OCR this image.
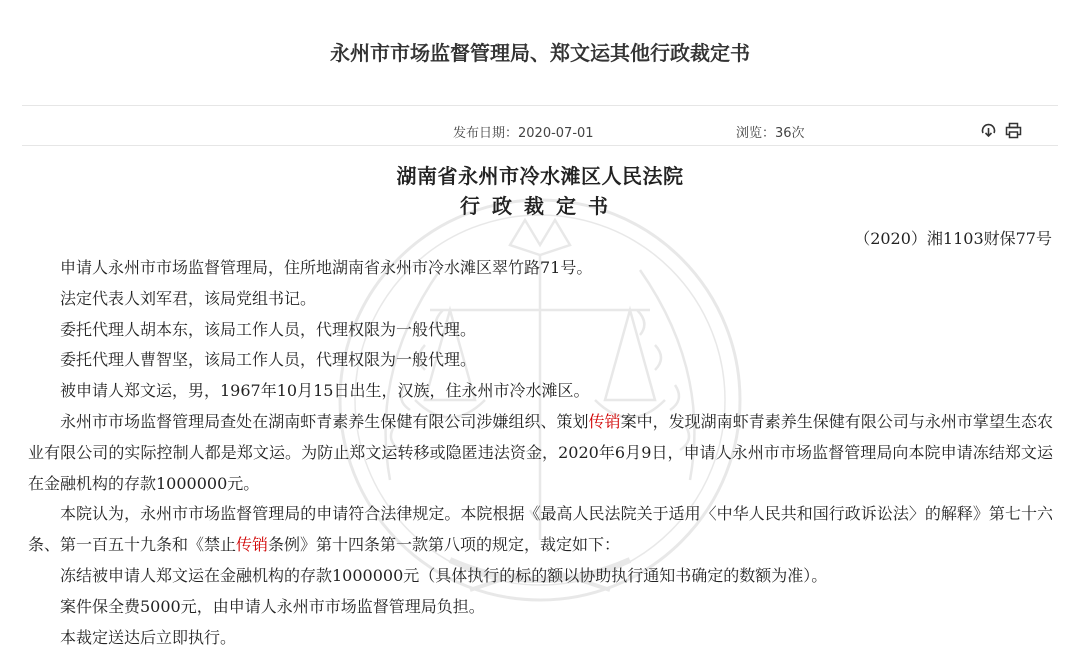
永州市市场监督管理局、郑文运其他行政裁定书
发布日期：2020-07-01	浏览：36次
湖南省永州市冷水滩区人民法院
行政裁定书
（2020）湘1103财保77号

申请人永州市市场监督管理局，住所地湖南省永州市冷水滩区翠竹路71号。

法定代表人刘军君，该局党组书记。

委托代理人胡本东，该局工作人员，代理权限为一般代理。

委托代理人曹智坚，该局工作人员，代理权限为一般代理。

被申请人郑文运，男，1967年10月15日出生，汉族，住永州市冷水滩区。

永州市市场监督管理局查处在湖南虾青素养生保健有限公司涉嫌组织、策划传销案中，发现湖南虾青素养生保健有限公司与永州市掌望生态农业有限公司的实际控制人都是郑文运。为防止郑文运转移或隐匿违法资金，2020年6月9日，申请人永州市市场监督管理局向本院申请冻结郑文运在金融机构的存款1000000元。

本院认为，永州市市场监督管理局的申请符合法律规定。本院根据《最高人民法院关于适用〈中华人民共和国行政诉讼法〉的解释》第七十六条、第一百五十九条和《禁止传销条例》第十四条第一款第八项的规定，裁定如下：

冻结被申请人郑文运在金融机构的存款1000000元（具体执行的标的额以协助执行通知书确定的数额为准）。

案件保全费5000元，由申请人永州市市场监督管理局负担。

本裁定送达后立即执行。
